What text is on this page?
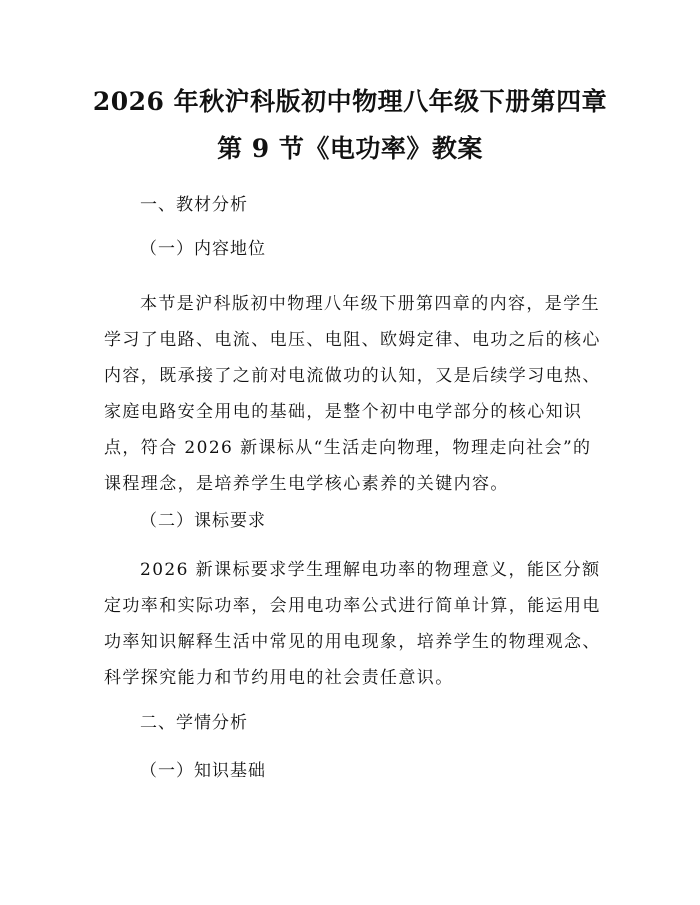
2026 年秋沪科版初中物理八年级下册第四章
第 9 节《电功率》教案
一、教材分析
（一）内容地位
本节是沪科版初中物理八年级下册第四章的内容，是学生
学习了电路、电流、电压、电阻、欧姆定律、电功之后的核心
内容，既承接了之前对电流做功的认知，又是后续学习电热、
家庭电路安全用电的基础，是整个初中电学部分的核心知识
点，符合 2026 新课标从“生活走向物理，物理走向社会”的
课程理念，是培养学生电学核心素养的关键内容。
（二）课标要求
2026 新课标要求学生理解电功率的物理意义，能区分额
定功率和实际功率，会用电功率公式进行简单计算，能运用电
功率知识解释生活中常见的用电现象，培养学生的物理观念、
科学探究能力和节约用电的社会责任意识。
二、学情分析
（一）知识基础
